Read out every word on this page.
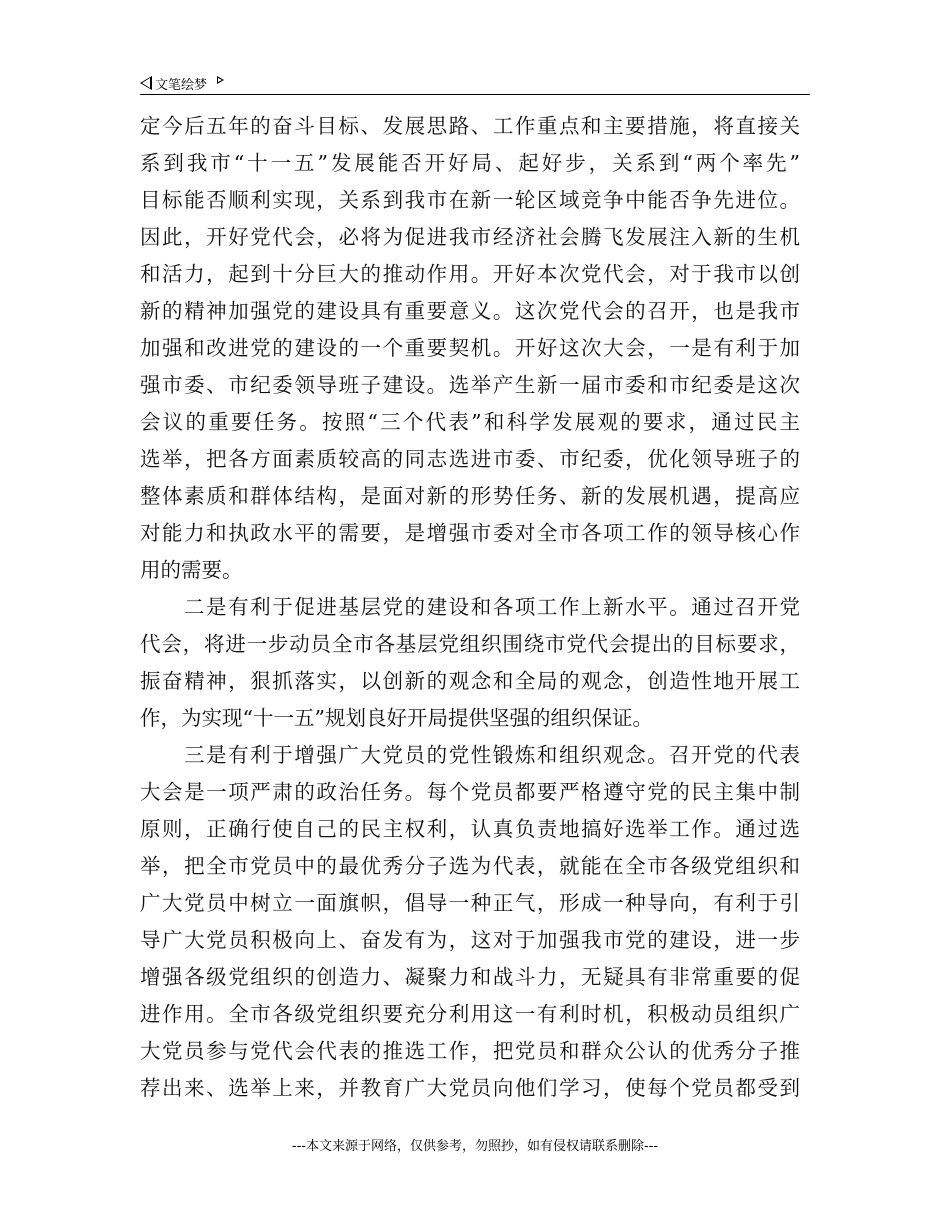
文笔绘梦
定今后五年的奋斗目标、发展思路、工作重点和主要措施，将直接关
系到我市“十一五”发展能否开好局、起好步，关系到“两个率先”
目标能否顺利实现，关系到我市在新一轮区域竞争中能否争先进位。
因此，开好党代会，必将为促进我市经济社会腾飞发展注入新的生机
和活力，起到十分巨大的推动作用。开好本次党代会，对于我市以创
新的精神加强党的建设具有重要意义。这次党代会的召开，也是我市
加强和改进党的建设的一个重要契机。开好这次大会，一是有利于加
强市委、市纪委领导班子建设。选举产生新一届市委和市纪委是这次
会议的重要任务。按照“三个代表”和科学发展观的要求，通过民主
选举，把各方面素质较高的同志选进市委、市纪委，优化领导班子的
整体素质和群体结构，是面对新的形势任务、新的发展机遇，提高应
对能力和执政水平的需要，是增强市委对全市各项工作的领导核心作
用的需要。
二是有利于促进基层党的建设和各项工作上新水平。通过召开党
代会，将进一步动员全市各基层党组织围绕市党代会提出的目标要求，
振奋精神，狠抓落实，以创新的观念和全局的观念，创造性地开展工
作，为实现“十一五”规划良好开局提供坚强的组织保证。
三是有利于增强广大党员的党性锻炼和组织观念。召开党的代表
大会是一项严肃的政治任务。每个党员都要严格遵守党的民主集中制
原则，正确行使自己的民主权利，认真负责地搞好选举工作。通过选
举，把全市党员中的最优秀分子选为代表，就能在全市各级党组织和
广大党员中树立一面旗帜，倡导一种正气，形成一种导向，有利于引
导广大党员积极向上、奋发有为，这对于加强我市党的建设，进一步
增强各级党组织的创造力、凝聚力和战斗力，无疑具有非常重要的促
进作用。全市各级党组织要充分利用这一有利时机，积极动员组织广
大党员参与党代会代表的推选工作，把党员和群众公认的优秀分子推
荐出来、选举上来，并教育广大党员向他们学习，使每个党员都受到
---本文来源于网络，仅供参考，勿照抄，如有侵权请联系删除---
